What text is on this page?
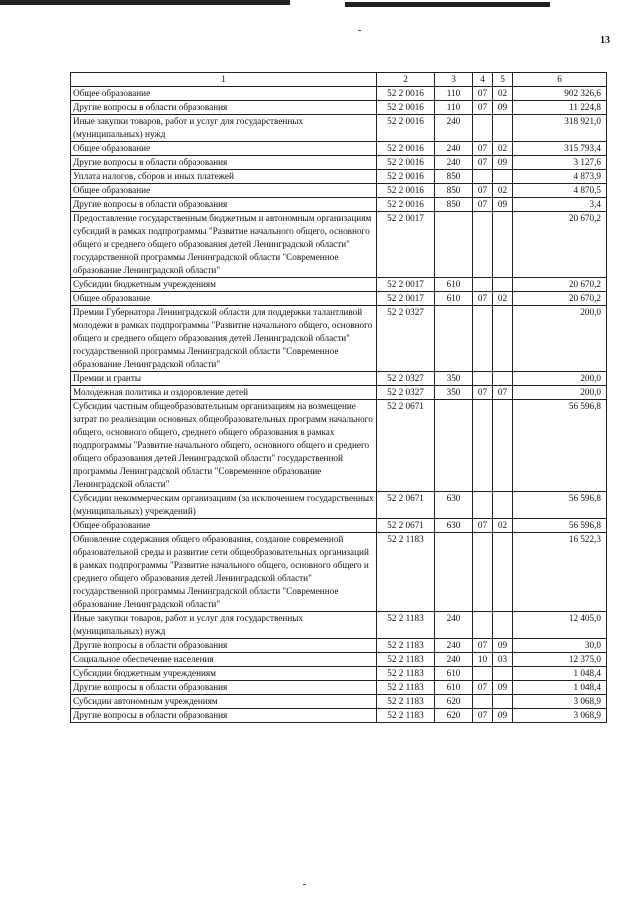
13
1	2	3	4	5	6
Общее образование	52 2 0016	110	07	02	902 326,6
Другие вопросы в области образования	52 2 0016	110	07	09	11 224,8
Иные закупки товаров, работ и услуг для государственных (муниципальных) нужд	52 2 0016	240			318 921,0
Общее образование	52 2 0016	240	07	02	315 793,4
Другие вопросы в области образования	52 2 0016	240	07	09	3 127,6
Уплата налогов, сборов и иных платежей	52 2 0016	850			4 873,9
Общее образование	52 2 0016	850	07	02	4 870,5
Другие вопросы в области образования	52 2 0016	850	07	09	3,4
Предоставление государственным бюджетным и автономным организациям субсидий в рамках подпрограммы "Развитие начального общего, основного общего и среднего общего образования детей Ленинградской области" государственной программы Ленинградской области "Современное образование Ленинградской области"	52 2 0017				20 670,2
Субсидии бюджетным учреждениям	52 2 0017	610			20 670,2
Общее образование	52 2 0017	610	07	02	20 670,2
Премии Губернатора Ленинградской области для поддержки талантливой молодежи в рамках подпрограммы "Развитие начального общего, основного общего и среднего общего образования детей Ленинградской области" государственной программы Ленинградской области "Современное образование Ленинградской области"	52 2 0327				200,0
Премии и гранты	52 2 0327	350			200,0
Молодежная политика и оздоровление детей	52 2 0327	350	07	07	200,0
Субсидии частным общеобразовательным организациям на возмещение затрат по реализации основных общеобразовательных программ начального общего, основного общего, среднего общего образования в рамках подпрограммы "Развитие начального общего, основного общего и среднего общего образования детей Ленинградской области" государственной программы Ленинградской области "Современное образование Ленинградской области"	52 2 0671				56 596,8
Субсидии некоммерческим организациям (за исключением государственных (муниципальных) учреждений)	52 2 0671	630			56 596,8
Общее образование	52 2 0671	630	07	02	56 596,8
Обновление содержания общего образования, создание современной образовательной среды и развитие сети общеобразовательных организаций в рамках подпрограммы "Развитие начального общего, основного общего и среднего общего образования детей Ленинградской области" государственной программы Ленинградской области "Современное образование Ленинградской области"	52 2 1183				16 522,3
Иные закупки товаров, работ и услуг для государственных (муниципальных) нужд	52 2 1183	240			12 405,0
Другие вопросы в области образования	52 2 1183	240	07	09	30,0
Социальное обеспечение населения	52 2 1183	240	10	03	12 375,0
Субсидии бюджетным учреждениям	52 2 1183	610			1 048,4
Другие вопросы в области образования	52 2 1183	610	07	09	1 048,4
Субсидии автономным учреждениям	52 2 1183	620			3 068,9
Другие вопросы в области образования	52 2 1183	620	07	09	3 068,9
